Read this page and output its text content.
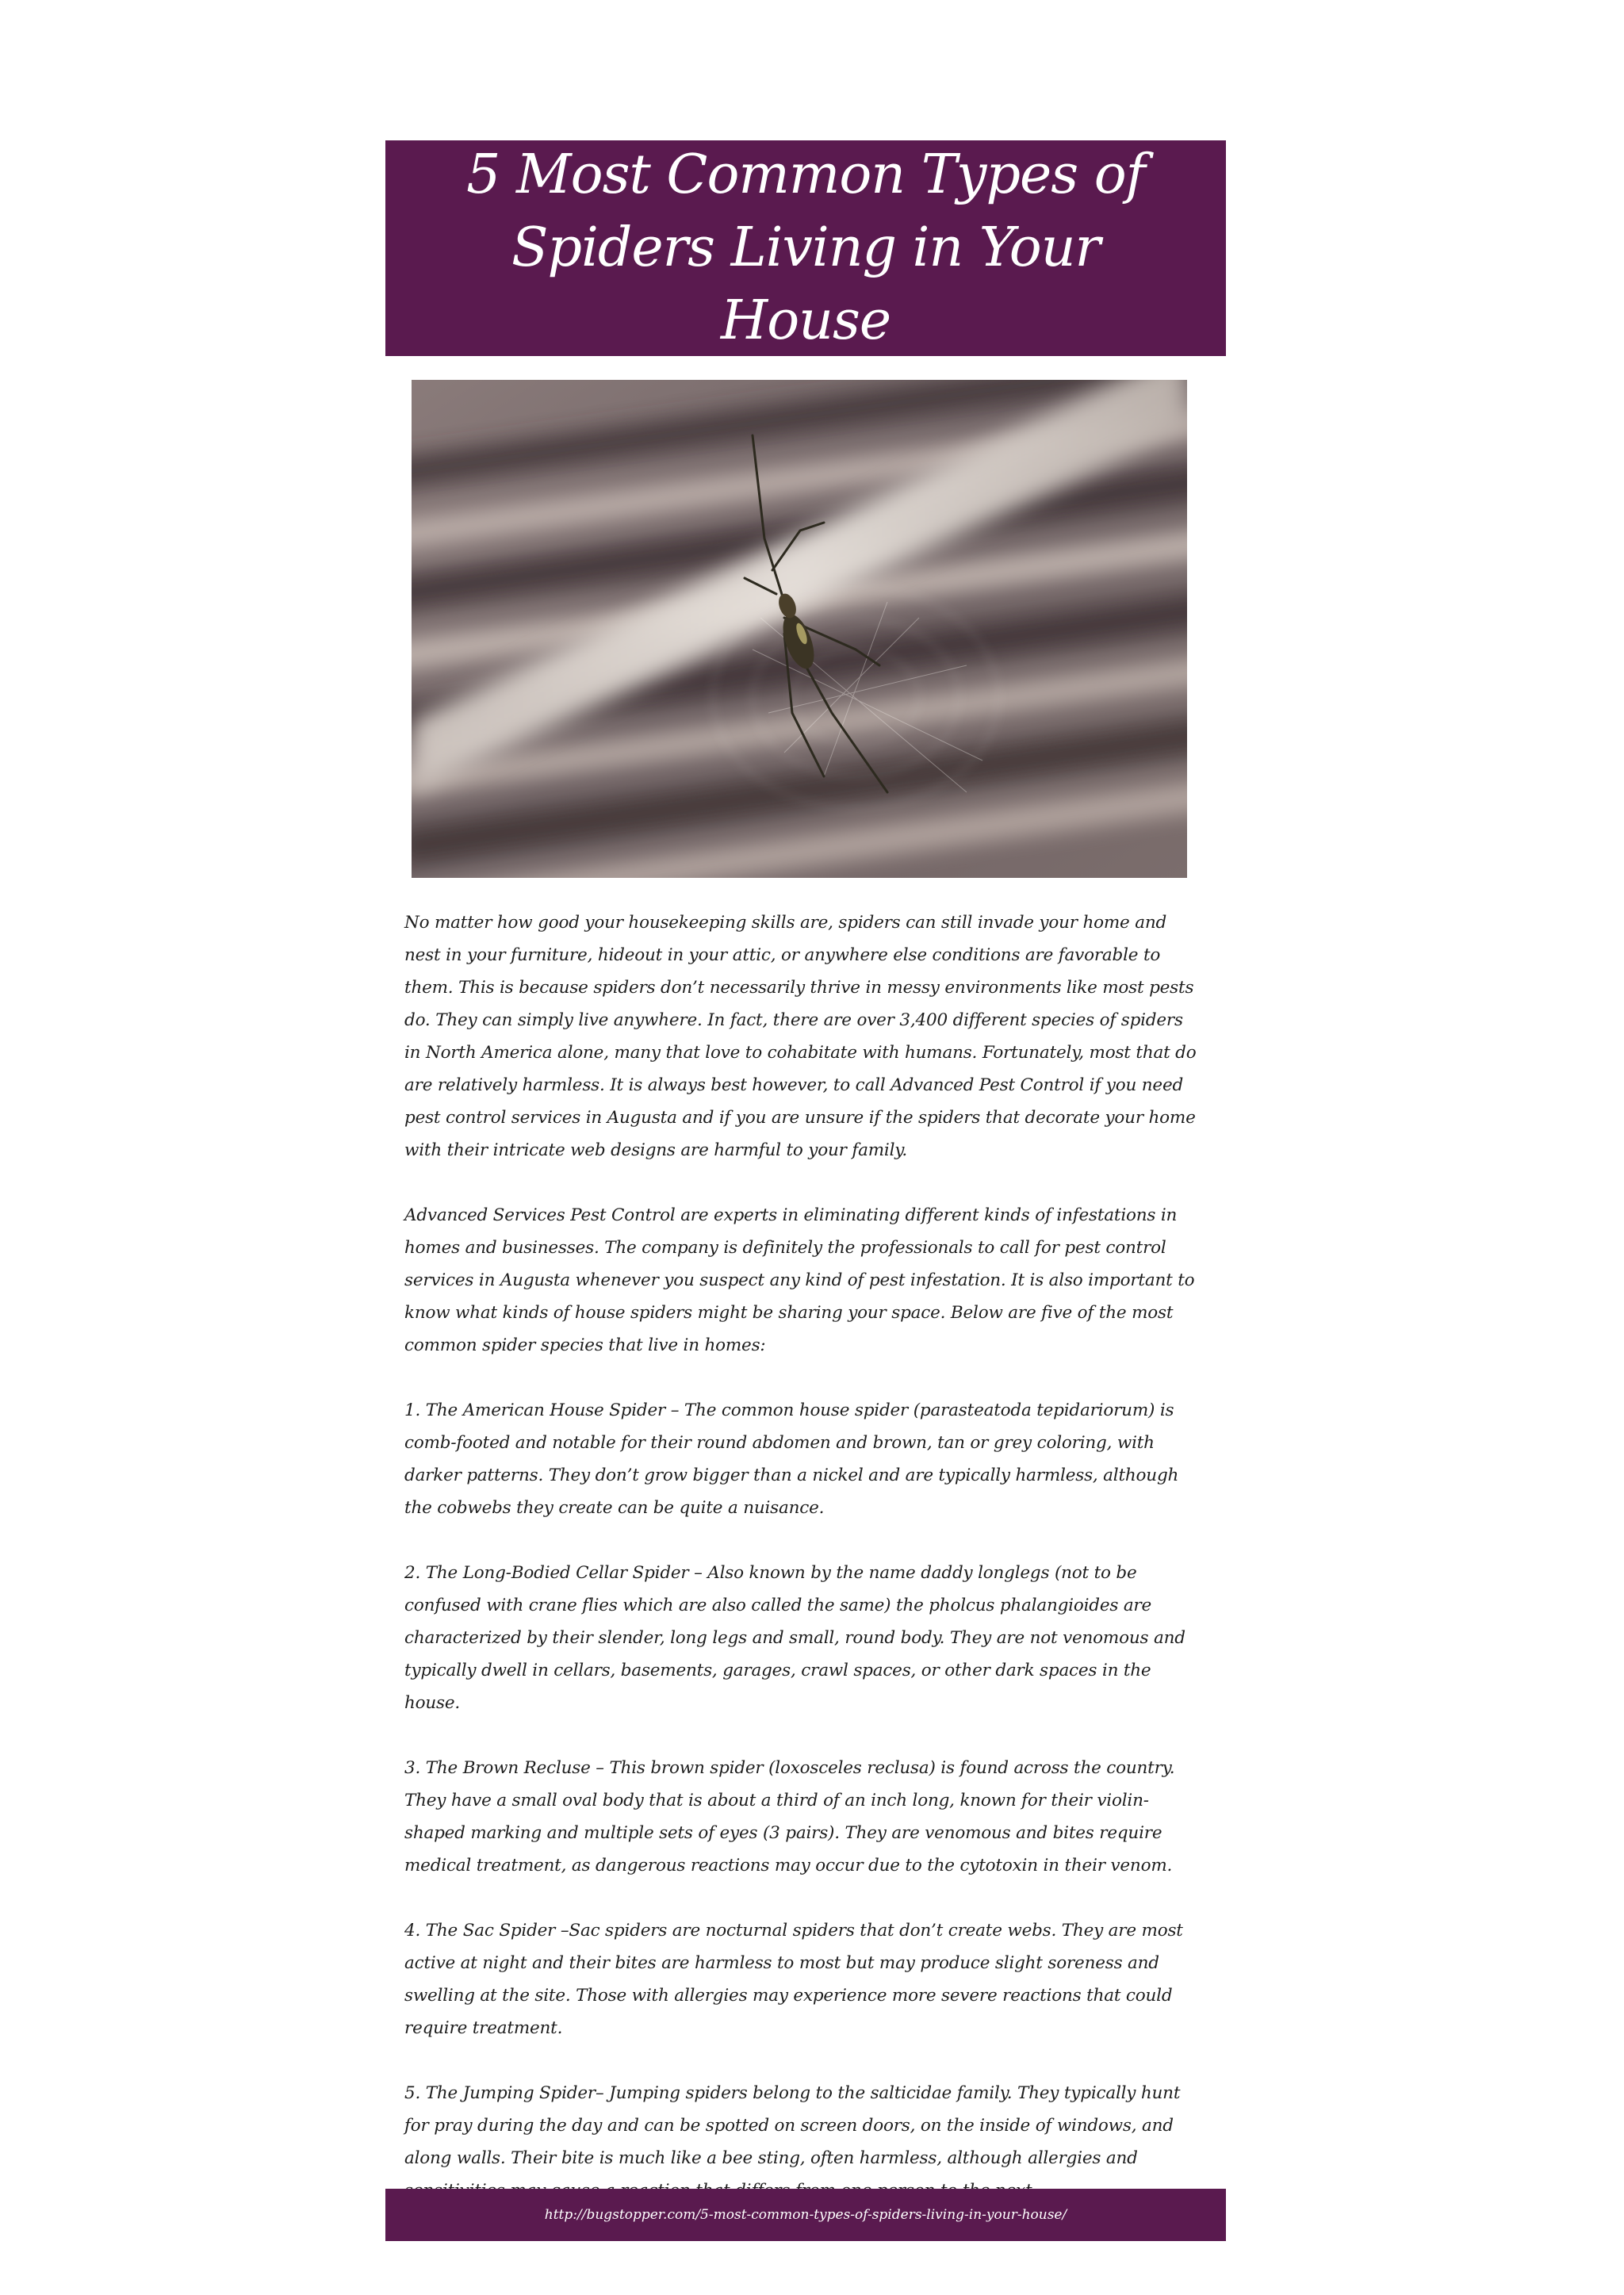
5 Most Common Types of Spiders Living in Your House

No matter how good your housekeeping skills are, spiders can still invade your home and nest in your furniture, hideout in your attic, or anywhere else conditions are favorable to them. This is because spiders don’t necessarily thrive in messy environments like most pests do. They can simply live anywhere. In fact, there are over 3,400 different species of spiders in North America alone, many that love to cohabitate with humans. Fortunately, most that do are relatively harmless. It is always best however, to call Advanced Pest Control if you need pest control services in Augusta and if you are unsure if the spiders that decorate your home with their intricate web designs are harmful to your family.

Advanced Services Pest Control are experts in eliminating different kinds of infestations in homes and businesses. The company is definitely the professionals to call for pest control services in Augusta whenever you suspect any kind of pest infestation. It is also important to know what kinds of house spiders might be sharing your space. Below are five of the most common spider species that live in homes:

1. The American House Spider – The common house spider (parasteatoda tepidariorum) is comb-footed and notable for their round abdomen and brown, tan or grey coloring, with darker patterns. They don’t grow bigger than a nickel and are typically harmless, although the cobwebs they create can be quite a nuisance.

2. The Long-Bodied Cellar Spider – Also known by the name daddy longlegs (not to be confused with crane flies which are also called the same) the pholcus phalangioides are characterized by their slender, long legs and small, round body. They are not venomous and typically dwell in cellars, basements, garages, crawl spaces, or other dark spaces in the house.

3. The Brown Recluse – This brown spider (loxosceles reclusa) is found across the country. They have a small oval body that is about a third of an inch long, known for their violin-shaped marking and multiple sets of eyes (3 pairs). They are venomous and bites require medical treatment, as dangerous reactions may occur due to the cytotoxin in their venom.

4. The Sac Spider –Sac spiders are nocturnal spiders that don’t create webs. They are most active at night and their bites are harmless to most but may produce slight soreness and swelling at the site. Those with allergies may experience more severe reactions that could require treatment.

5. The Jumping Spider– Jumping spiders belong to the salticidae family. They typically hunt for pray during the day and can be spotted on screen doors, on the inside of windows, and along walls. Their bite is much like a bee sting, often harmless, although allergies and

http://bugstopper.com/5-most-common-types-of-spiders-living-in-your-house/
